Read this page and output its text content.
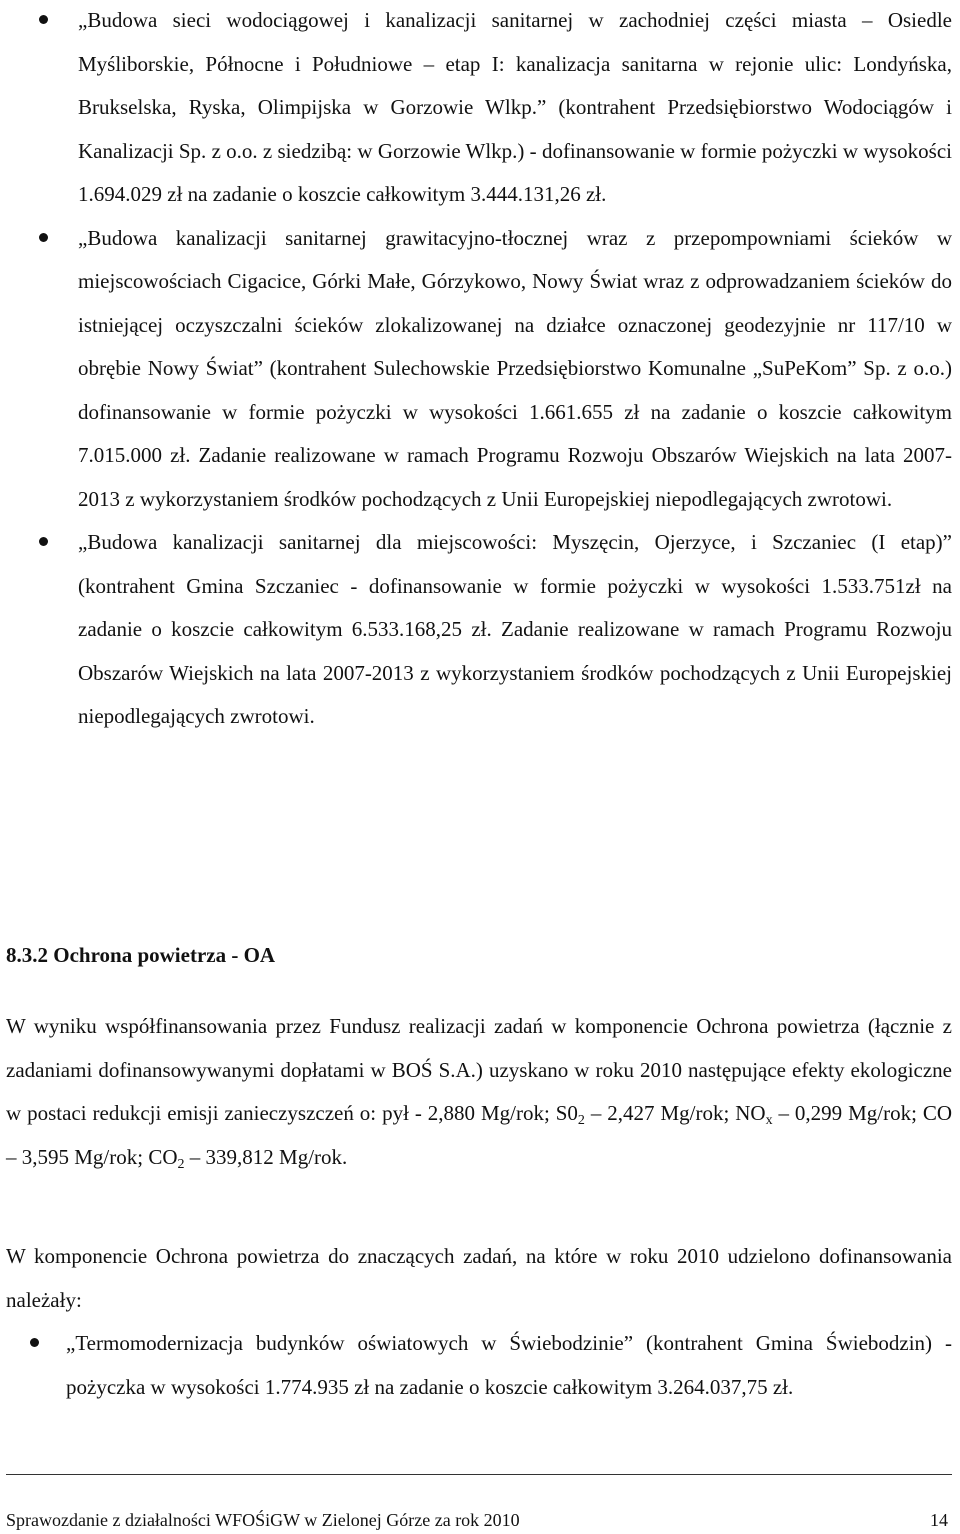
„Budowa sieci wodociągowej i kanalizacji sanitarnej w zachodniej części miasta – Osiedle Myśliborskie, Północne i Południowe – etap I: kanalizacja sanitarna w rejonie ulic: Londyńska, Brukselska, Ryska, Olimpijska w Gorzowie Wlkp.” (kontrahent Przedsiębiorstwo Wodociągów i Kanalizacji Sp. z o.o. z siedzibą: w Gorzowie Wlkp.) - dofinansowanie w formie pożyczki w wysokości 1.694.029 zł na zadanie o koszcie całkowitym 3.444.131,26 zł.

„Budowa kanalizacji sanitarnej grawitacyjno-tłocznej wraz z przepompowniami ścieków w miejscowościach Cigacice, Górki Małe, Górzykowo, Nowy Świat wraz z odprowadzaniem ścieków do istniejącej oczyszczalni ścieków zlokalizowanej na działce oznaczonej geodezyjnie nr 117/10 w obrębie Nowy Świat” (kontrahent Sulechowskie Przedsiębiorstwo Komunalne „SuPeKom” Sp. z o.o.) dofinansowanie w formie pożyczki w wysokości 1.661.655 zł na zadanie o koszcie całkowitym 7.015.000 zł. Zadanie realizowane w ramach Programu Rozwoju Obszarów Wiejskich na lata 2007-2013 z wykorzystaniem środków pochodzących z Unii Europejskiej niepodlegających zwrotowi.

„Budowa kanalizacji sanitarnej dla miejscowości: Myszęcin, Ojerzyce, i Szczaniec (I etap)” (kontrahent Gmina Szczaniec - dofinansowanie w formie pożyczki w wysokości 1.533.751zł na zadanie o koszcie całkowitym 6.533.168,25 zł. Zadanie realizowane w ramach Programu Rozwoju Obszarów Wiejskich na lata 2007-2013 z wykorzystaniem środków pochodzących z Unii Europejskiej niepodlegających zwrotowi.

8.3.2 Ochrona powietrza - OA

W wyniku współfinansowania przez Fundusz realizacji zadań w komponencie Ochrona powietrza (łącznie z zadaniami dofinansowywanymi dopłatami w BOŚ S.A.) uzyskano w roku 2010 następujące efekty ekologiczne w postaci redukcji emisji zanieczyszczeń o: pył - 2,880 Mg/rok; $S0_2 - 2,427$ Mg/rok; $NO_x - 0,299$ Mg/rok; CO – 3,595 Mg/rok; $CO_2 - 339,812$ Mg/rok.

W komponencie Ochrona powietrza do znaczących zadań, na które w roku 2010 udzielono dofinansowania należały:

„Termomodernizacja budynków oświatowych w Świebodzinie” (kontrahent Gmina Świebodzin) - pożyczka w wysokości 1.774.935 zł na zadanie o koszcie całkowitym 3.264.037,75 zł.

Sprawozdanie z działalności WFOŚiGW w Zielonej Górze za rok 2010	14
